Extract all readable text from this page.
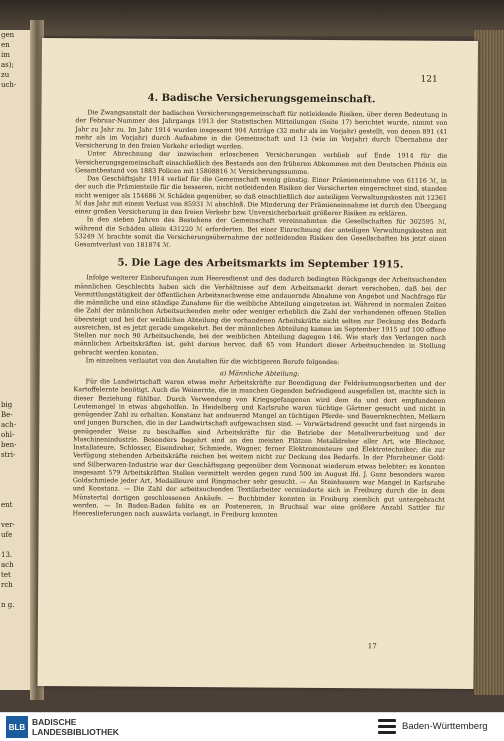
gen
en
im
as);
zu
uch-

big
Be-
ach-
ohl-
ben-
stri-

ent

ver-
ufe

13.
ach
tet
rch

n g.
121
4. Badische Versicherungsgemeinschaft.

Die Zwangsanstalt der badischen Versicherungsgemeinschaft für notleidende Risiken, über deren Bedeutung in der Februar-Nummer des Jahrgangs 1913 der Statistischen Mitteilungen (Seite 17) berichtet wurde, nimmt von Jahr zu Jahr zu. Im Jahr 1914 wurden insgesamt 904 Anträge (32 mehr als im Vorjahr) gestellt, von denen 891 (41 mehr als im Vorjahr) durch Aufnahme in die Gemeinschaft und 13 (wie im Vorjahr) durch Übernahme der Versicherung in den freien Verkehr erledigt wurden.

Unter Abrechnung der inzwischen erloschenen Versicherungen verblieb auf Ende 1914 für die Versicherungsgemeinschaft einschließlich des Bestands aus den früheren Abkommen mit den Deutschen Phönix ein Gesamtbestand von 1883 Policen mit 15808816 ℳ Versicherungssumme.

Das Geschäftsjahr 1914 verlief für die Gemeinschaft wenig günstig. Einer Prämieneinnahme von 61116 ℳ, in der auch die Prämienteile für die besseren, nicht notleidenden Risiken der Versicherten eingerechnet sind, standen nicht weniger als 154686 ℳ Schäden gegenüber, so daß einschließlich der anteiligen Verwaltungskosten mit 12361 ℳ das Jahr mit einem Verlust von 85931 ℳ abschloß. Die Minderung der Prämieneinnahme ist durch den Übergang einer großen Versicherung in den freien Verkehr bzw. Unversicherbarkeit größerer Risiken zu erklären.

In den sieben Jahren des Bestehens der Gemeinschaft vereinnahmten die Gesellschaften für 302595 ℳ, während die Schäden allein 431220 ℳ erforderten. Bei einer Einrechnung der anteiligen Verwaltungskosten mit 53249 ℳ brachte somit die Versicherungsübernahme der notleidenden Risiken den Gesellschaften bis jetzt einen Gesamtverlust von 181874 ℳ.

5. Die Lage des Arbeitsmarkts im September 1915.

Infolge weiterer Einberufungen zum Heeresdienst und des dadurch bedingten Rückgangs der Arbeitsuchenden männlichen Geschlechts haben sich die Verhältnisse auf dem Arbeitsmarkt derart verschoben, daß bei der Vermittlungstätigkeit der öffentlichen Arbeitsnachweise eine andauernde Abnahme von Angebot und Nachfrage für die männliche und eine ständige Zunahme für die weibliche Abteilung eingetreten ist. Während in normalen Zeiten die Zahl der männlichen Arbeitsuchenden mehr oder weniger erheblich die Zahl der vorhandenen offenen Stellen übersteigt und bei der weiblichen Abteilung die vorhandenen Arbeitskräfte nicht selten zur Deckung des Bedarfs ausreichen, ist es jetzt gerade umgekehrt. Bei der männlichen Abteilung kamen im September 1915 auf 100 offene Stellen nur noch 90 Arbeitsuchende, bei der weiblichen Abteilung dagegen 146. Wie stark das Verlangen nach männlichen Arbeitskräften ist, geht daraus hervor, daß 65 vom Hundert dieser Arbeitsuchenden in Stellung gebracht werden konnten.

Im einzelnen verlautet von den Anstalten für die wichtigeren Berufe folgendes:

a) Männliche Abteilung:

Für die Landwirtschaft waren etwas mehr Arbeitskräfte zur Beendigung der Feldräumungsarbeiten und der Kartoffelernte benötigt. Auch die Weinernte, die in manchen Gegenden befriedigend ausgefallen ist, machte sich in dieser Beziehung fühlbar. Durch Verwendung von Kriegsgefangenen wird dem da und dort empfundenen Leutemangel in etwas abgeholfen. In Heidelberg und Karlsruhe waren tüchtige Gärtner gesucht und nicht in genügender Zahl zu erhalten. Konstanz hat andauernd Mangel an tüchtigen Pferde- und Bauernknechten, Melkern und jungen Burschen, die in der Landwirtschaft aufgewachsen sind. — Vorwärtsdrend gesucht und fast nirgends in genügender Weise zu beschaffen sind Arbeitskräfte für die Betriebe der Metallverarbeitung und der Maschinenindustrie. Besonders begehrt sind an den meisten Plätzen Metalldreher aller Art, wie Blechner, Installateure, Schlosser, Eisendreher, Schmiede, Wagner, ferner Elektromonteure und Elektrotechniker; die zur Verfügung stehenden Arbeitskräfte reichen bei weitem nicht zur Deckung des Bedarfs. In der Pforzheimer Gold- und Silberwaren-Industrie war der Geschäftsgang gegenüber dem Vormonat wiederum etwas belebter; es konnten insgesamt 579 Arbeitskräften Stellen vermittelt werden gegen rund 500 im August lfd. J. Ganz besonders waren Goldschmiede jeder Art, Medailleure und Ringmacher sehr gesucht. — An Steinhauern war Mangel in Karlsruhe und Konstanz. — Die Zahl der arbeitsuchenden Textilarbeiter verminderte sich in Freiburg durch die in dem Münstertal dortigen geschlossenen Ankäufe. — Buchbinder konnten in Freiburg ziemlich gut untergebracht werden. — In Baden-Baden fehlte es an Posteneren, in Bruchsal war eine größere Anzahl Sattler für Heereslieferungen nach auswärts verlangt, in Freiburg konnten

17
BLB BADISCHE
LANDESBIBLIOTHEK	Baden-Württemberg
